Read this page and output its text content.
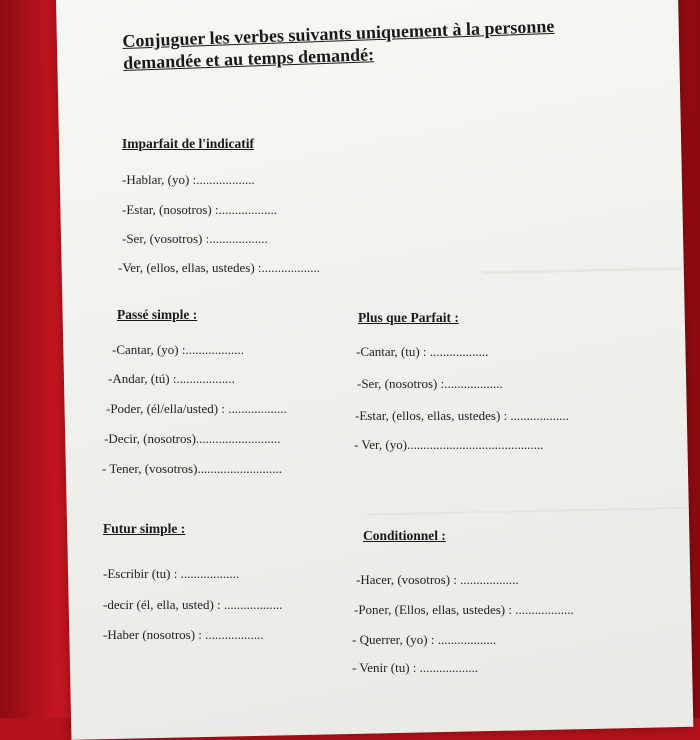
Conjuguer les verbes suivants uniquement à la personne
demandée et au temps demandé:
Imparfait de l'indicatif
-Hablar, (yo) :..................
-Estar, (nosotros) :..................
-Ser, (vosotros) :..................
-Ver, (ellos, ellas, ustedes) :..................
Passé simple :
-Cantar, (yo) :..................
-Andar, (tú) :..................
-Poder, (él/ella/usted) : ..................
-Decir, (nosotros)..........................
- Tener, (vosotros)..........................
Plus que Parfait :
-Cantar, (tu) : ..................
-Ser, (nosotros) :..................
-Estar, (ellos, ellas, ustedes) : ..................
- Ver, (yo)..........................................
Futur simple :
-Escribir (tu) : ..................
-decir (él, ella, usted) : ..................
-Haber (nosotros) : ..................
Conditionnel :
-Hacer, (vosotros) : ..................
-Poner, (Ellos, ellas, ustedes) : ..................
- Querrer, (yo) : ..................
- Venir (tu) : ..................
